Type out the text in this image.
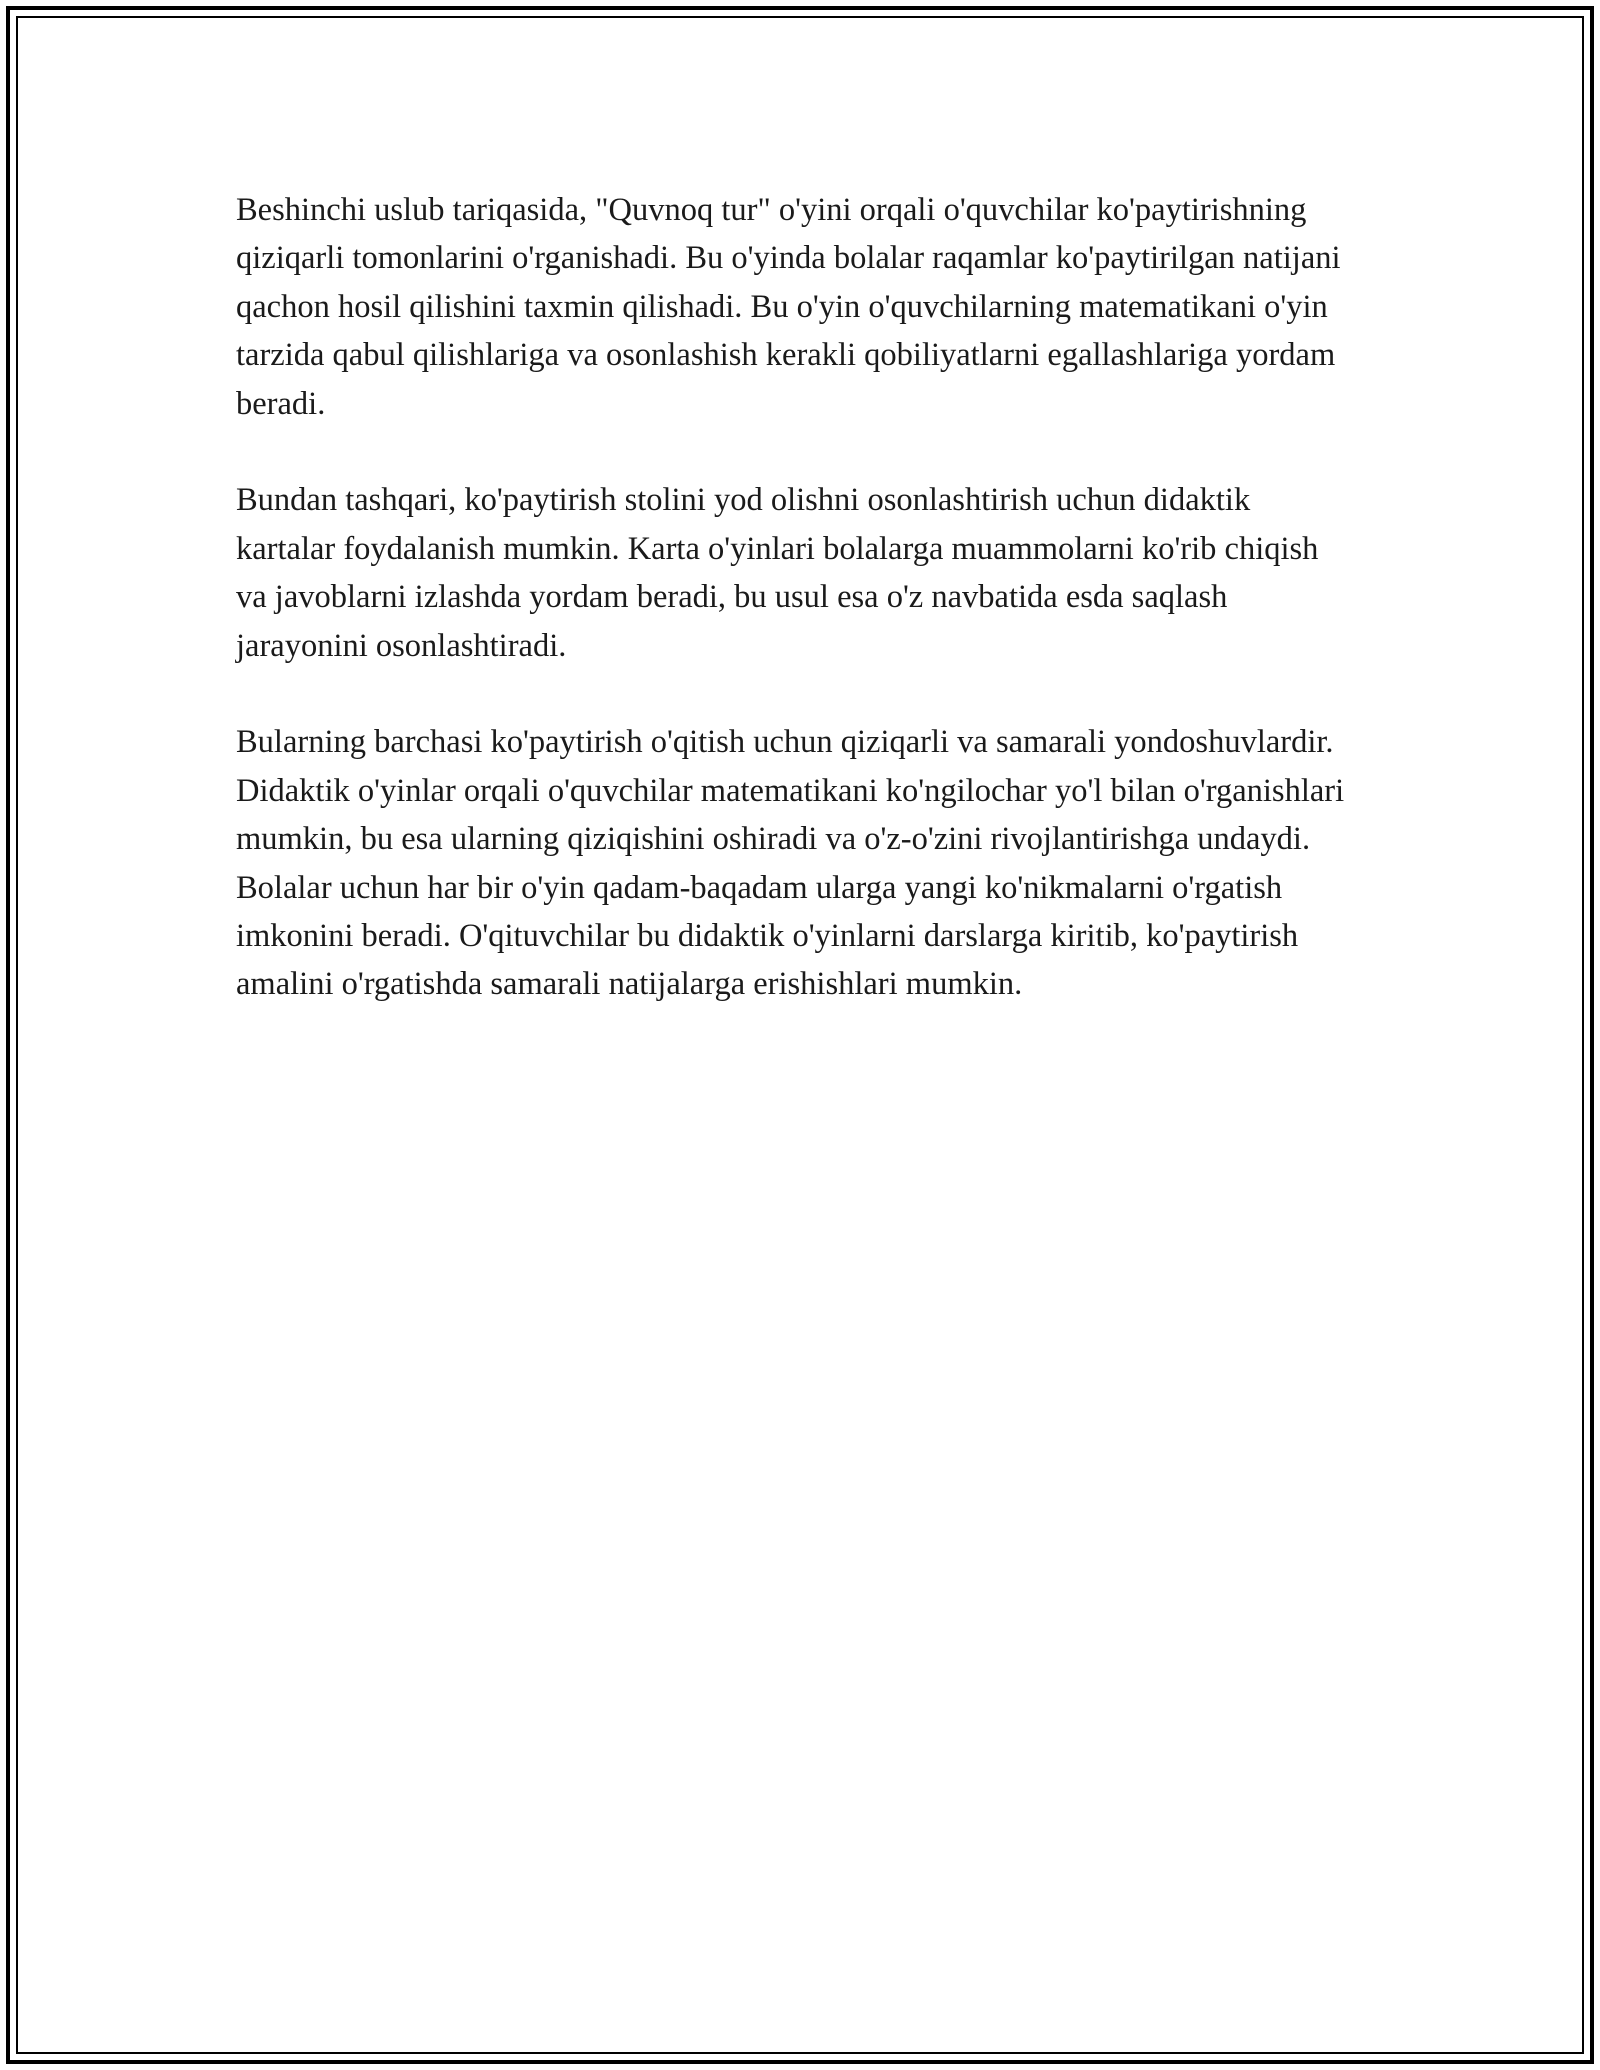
Beshinchi uslub tariqasida, "Quvnoq tur" o'yini orqali o'quvchilar ko'paytirishning qiziqarli tomonlarini o'rganishadi. Bu o'yinda bolalar raqamlar ko'paytirilgan natijani qachon hosil qilishini taxmin qilishadi. Bu o'yin o'quvchilarning matematikani o'yin tarzida qabul qilishlariga va osonlashish kerakli qobiliyatlarni egallashlariga yordam beradi.

Bundan tashqari, ko'paytirish stolini yod olishni osonlashtirish uchun didaktik kartalar foydalanish mumkin. Karta o'yinlari bolalarga muammolarni ko'rib chiqish va javoblarni izlashda yordam beradi, bu usul esa o'z navbatida esda saqlash jarayonini osonlashtiradi.

Bularning barchasi ko'paytirish o'qitish uchun qiziqarli va samarali yondoshuvlardir. Didaktik o'yinlar orqali o'quvchilar matematikani ko'ngilochar yo'l bilan o'rganishlari mumkin, bu esa ularning qiziqishini oshiradi va o'z-o'zini rivojlantirishga undaydi. Bolalar uchun har bir o'yin qadam-baqadam ularga yangi ko'nikmalarni o'rgatish imkonini beradi. O'qituvchilar bu didaktik o'yinlarni darslarga kiritib, ko'paytirish amalini o'rgatishda samarali natijalarga erishishlari mumkin.
